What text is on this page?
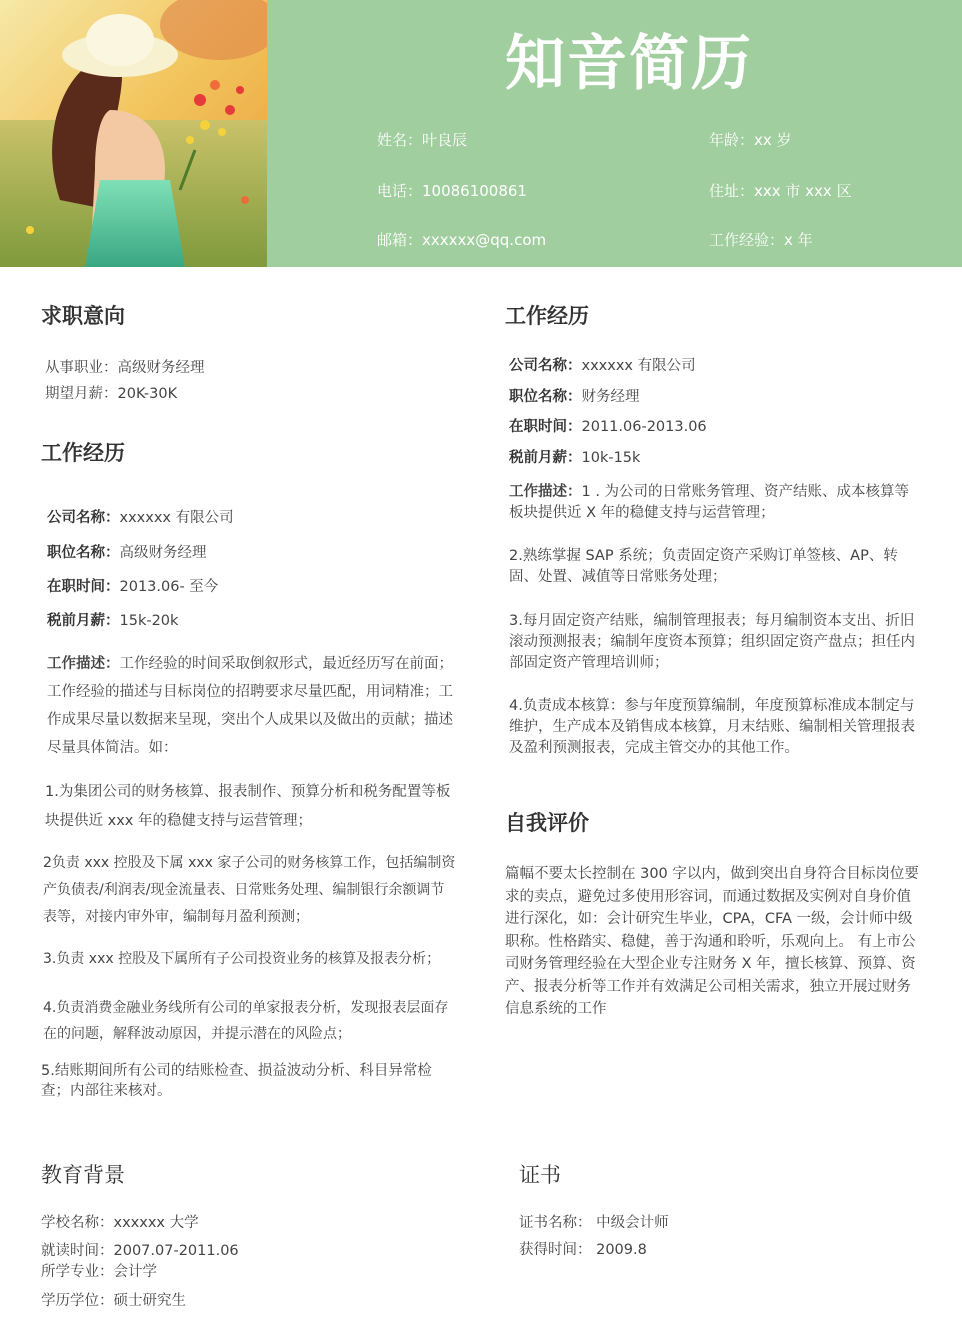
知音简历
姓名：叶良辰	年龄：xx 岁
电话：10086100861	住址：xxx 市 xxx 区
邮箱：xxxxxx@qq.com	工作经验：x 年
求职意向
从事职业：高级财务经理
期望月薪：20K-30K
工作经历
公司名称：xxxxxx 有限公司
职位名称：高级财务经理
在职时间：2013.06- 至今
税前月薪：15k-20k
工作描述：工作经验的时间采取倒叙形式，最近经历写在前面；工作经验的描述与目标岗位的招聘要求尽量匹配，用词精准；工作成果尽量以数据来呈现，突出个人成果以及做出的贡献；描述尽量具体简洁。如：
1.为集团公司的财务核算、报表制作、预算分析和税务配置等板块提供近 xxx 年的稳健支持与运营管理；
2负责 xxx 控股及下属 xxx 家子公司的财务核算工作，包括编制资产负债表/利润表/现金流量表、日常账务处理、编制银行余额调节表等，对接内审外审，编制每月盈利预测；
3.负责 xxx 控股及下属所有子公司投资业务的核算及报表分析；
4.负责消费金融业务线所有公司的单家报表分析，发现报表层面存在的问题，解释波动原因，并提示潜在的风险点；
5.结账期间所有公司的结账检查、损益波动分析、科目异常检查；内部往来核对。
工作经历
公司名称：xxxxxx 有限公司
职位名称：财务经理
在职时间：2011.06-2013.06
税前月薪：10k-15k
工作描述：1 . 为公司的日常账务管理、资产结账、成本核算等板块提供近 X 年的稳健支持与运营管理；
2.熟练掌握 SAP 系统；负责固定资产采购订单签核、AP、转固、处置、减值等日常账务处理；
3.每月固定资产结账，编制管理报表；每月编制资本支出、折旧滚动预测报表；编制年度资本预算；组织固定资产盘点；担任内部固定资产管理培训师；
4.负责成本核算：参与年度预算编制，年度预算标准成本制定与维护，生产成本及销售成本核算，月末结账、编制相关管理报表及盈利预测报表，完成主管交办的其他工作。
自我评价
篇幅不要太长控制在 300 字以内，做到突出自身符合目标岗位要求的卖点，避免过多使用形容词，而通过数据及实例对自身价值进行深化，如：会计研究生毕业，CPA，CFA 一级，会计师中级职称。性格踏实、稳健，善于沟通和聆听，乐观向上。 有上市公司财务管理经验在大型企业专注财务 X 年，擅长核算、预算、资产、报表分析等工作并有效满足公司相关需求，独立开展过财务信息系统的工作
教育背景
学校名称：xxxxxx 大学
就读时间：2007.07-2011.06
所学专业：会计学
学历学位：硕士研究生
证书
证书名称： 中级会计师
获得时间： 2009.8
